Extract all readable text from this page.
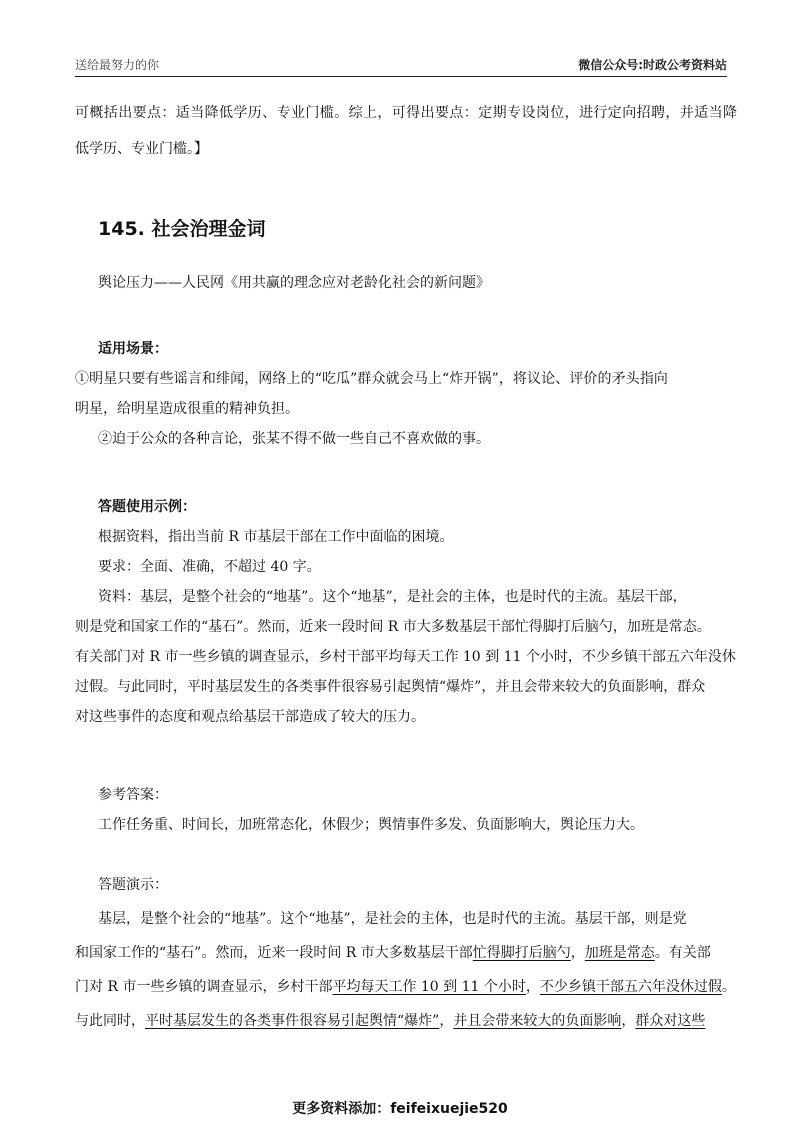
送给最努力的你	微信公众号:时政公考资料站

可概括出要点：适当降低学历、专业门槛。综上，可得出要点：定期专设岗位，进行定向招聘，并适当降

低学历、专业门槛。】

145. 社会治理金词

舆论压力——人民网《用共赢的理念应对老龄化社会的新问题》

适用场景：

①明星只要有些谣言和绯闻，网络上的“吃瓜”群众就会马上“炸开锅”，将议论、评价的矛头指向

明星，给明星造成很重的精神负担。

②迫于公众的各种言论，张某不得不做一些自己不喜欢做的事。

答题使用示例：

根据资料，指出当前 R 市基层干部在工作中面临的困境。

要求：全面、准确，不超过 40 字。

资料：基层，是整个社会的“地基”。这个“地基”，是社会的主体，也是时代的主流。基层干部，

则是党和国家工作的“基石”。然而，近来一段时间 R 市大多数基层干部忙得脚打后脑勺，加班是常态。

有关部门对 R 市一些乡镇的调查显示，乡村干部平均每天工作 10 到 11 个小时，不少乡镇干部五六年没休

过假。与此同时，平时基层发生的各类事件很容易引起舆情“爆炸”，并且会带来较大的负面影响，群众

对这些事件的态度和观点给基层干部造成了较大的压力。

参考答案：

工作任务重、时间长，加班常态化，休假少；舆情事件多发、负面影响大，舆论压力大。

答题演示：

基层，是整个社会的“地基”。这个“地基”，是社会的主体，也是时代的主流。基层干部，则是党

和国家工作的“基石”。然而，近来一段时间 R 市大多数基层干部忙得脚打后脑勺，加班是常态。有关部

门对 R 市一些乡镇的调查显示，乡村干部平均每天工作 10 到 11 个小时，不少乡镇干部五六年没休过假。

与此同时，平时基层发生的各类事件很容易引起舆情“爆炸”，并且会带来较大的负面影响，群众对这些

更多资料添加：feifeixuejie520
